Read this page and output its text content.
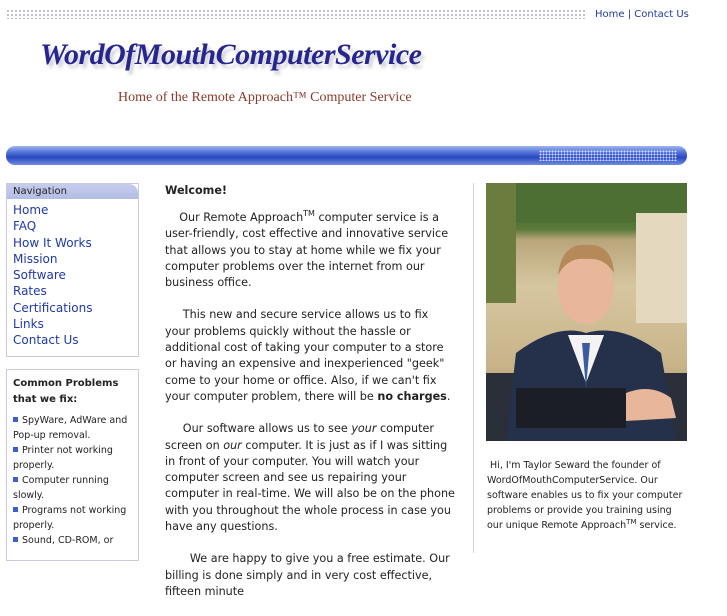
Home | Contact Us
WordOfMouthComputerService
Home of the Remote Approach™ Computer Service
Navigation
Home
FAQ
How It Works
Mission
Software
Rates
Certifications
Links
Contact Us
Common Problems that we fix:
SpyWare, AdWare and Pop-up removal.
Printer not working properly.
Computer running slowly.
Programs not working properly.
Sound, CD-ROM, or
Welcome!

Our Remote Approach™ computer service is a user-friendly, cost effective and innovative service that allows you to stay at home while we fix your computer problems over the internet from our business office.

This new and secure service allows us to fix your problems quickly without the hassle or additional cost of taking your computer to a store or having an expensive and inexperienced "geek" come to your home or office. Also, if we can't fix your computer problem, there will be no charges.

Our software allows us to see your computer screen on our computer. It is just as if I was sitting in front of your computer. You will watch your computer screen and see us repairing your computer in real-time. We will also be on the phone with you throughout the whole process in case you have any questions.

We are happy to give you a free estimate. Our billing is done simply and in very cost effective, fifteen minute

Hi, I'm Taylor Seward the founder of WordOfMouthComputerService. Our software enables us to fix your computer problems or provide you training using our unique Remote Approach™ service.
